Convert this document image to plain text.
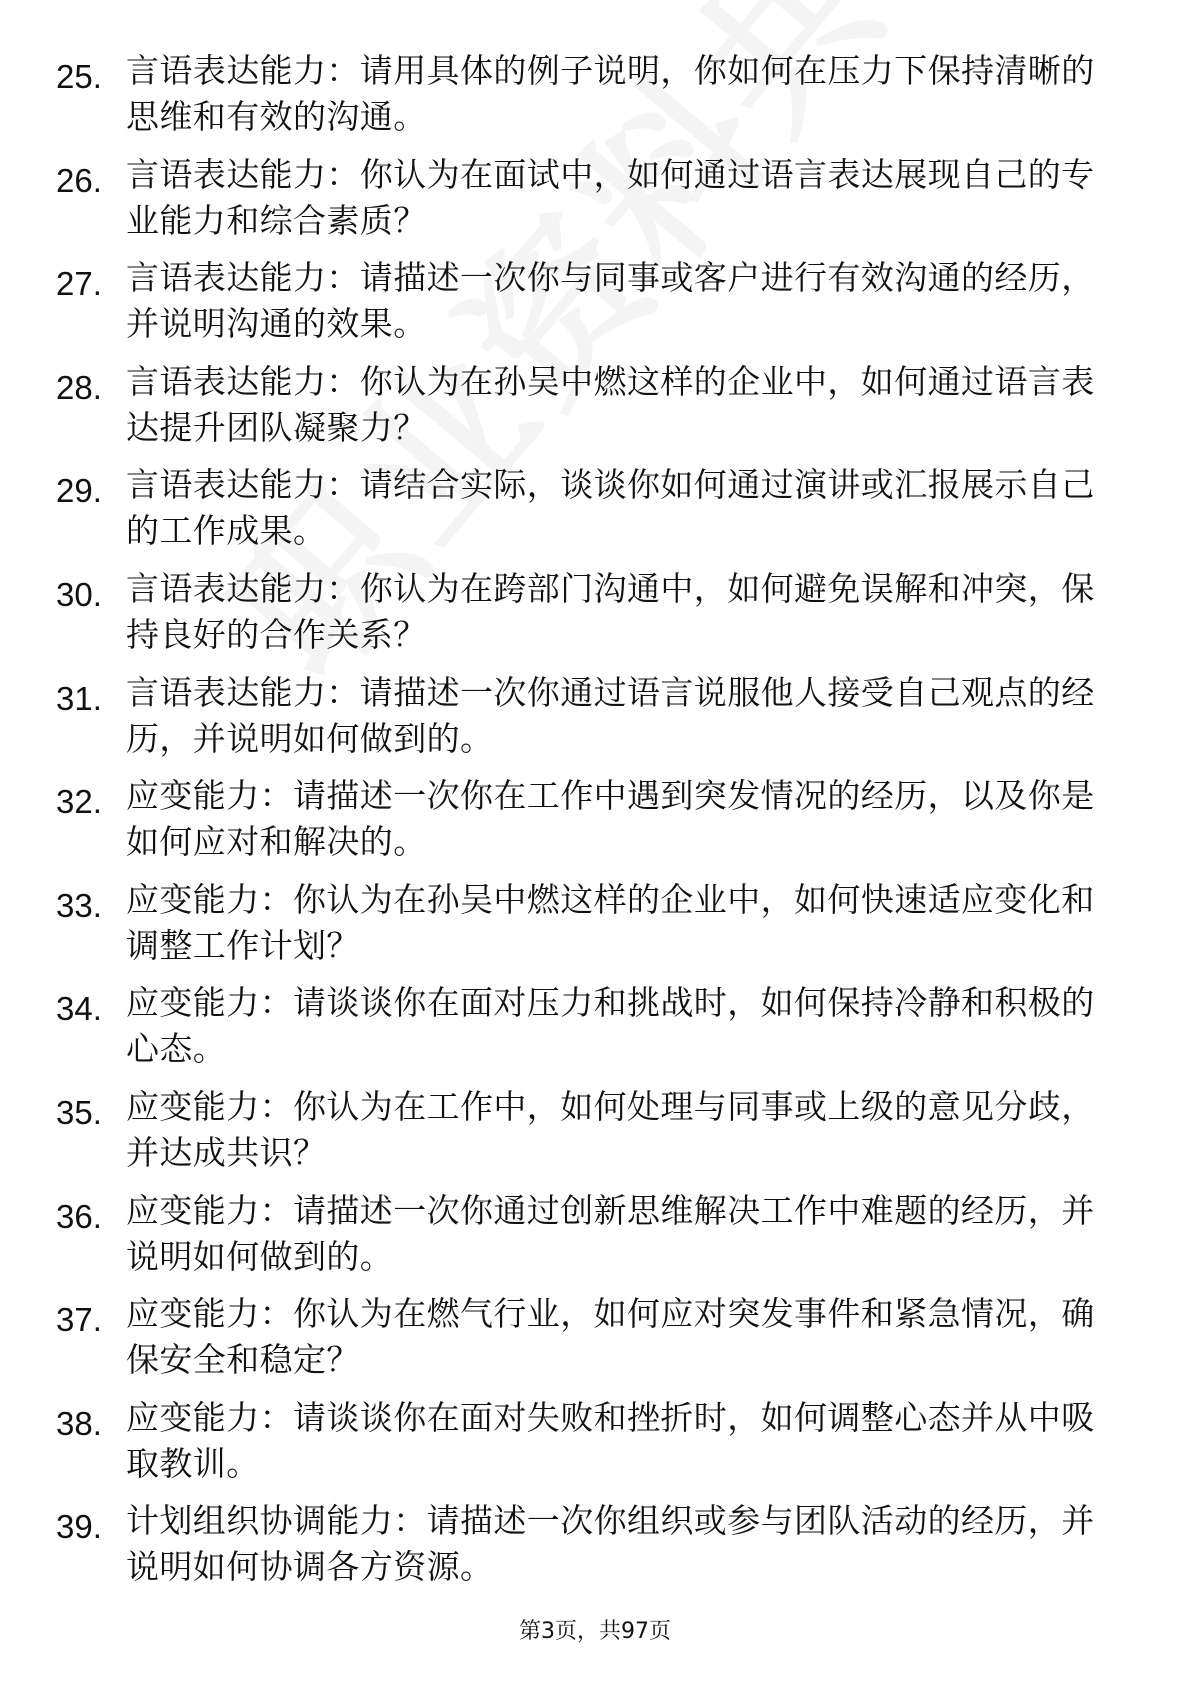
25. 言语表达能力：请用具体的例子说明，你如何在压力下保持清晰的思维和有效的沟通。
26. 言语表达能力：你认为在面试中，如何通过语言表达展现自己的专业能力和综合素质？
27. 言语表达能力：请描述一次你与同事或客户进行有效沟通的经历，并说明沟通的效果。
28. 言语表达能力：你认为在孙吴中燃这样的企业中，如何通过语言表达提升团队凝聚力？
29. 言语表达能力：请结合实际，谈谈你如何通过演讲或汇报展示自己的工作成果。
30. 言语表达能力：你认为在跨部门沟通中，如何避免误解和冲突，保持良好的合作关系？
31. 言语表达能力：请描述一次你通过语言说服他人接受自己观点的经历，并说明如何做到的。
32. 应变能力：请描述一次你在工作中遇到突发情况的经历，以及你是如何应对和解决的。
33. 应变能力：你认为在孙吴中燃这样的企业中，如何快速适应变化和调整工作计划？
34. 应变能力：请谈谈你在面对压力和挑战时，如何保持冷静和积极的心态。
35. 应变能力：你认为在工作中，如何处理与同事或上级的意见分歧，并达成共识？
36. 应变能力：请描述一次你通过创新思维解决工作中难题的经历，并说明如何做到的。
37. 应变能力：你认为在燃气行业，如何应对突发事件和紧急情况，确保安全和稳定？
38. 应变能力：请谈谈你在面对失败和挫折时，如何调整心态并从中吸取教训。
39. 计划组织协调能力：请描述一次你组织或参与团队活动的经历，并说明如何协调各方资源。
第3页，共97页
